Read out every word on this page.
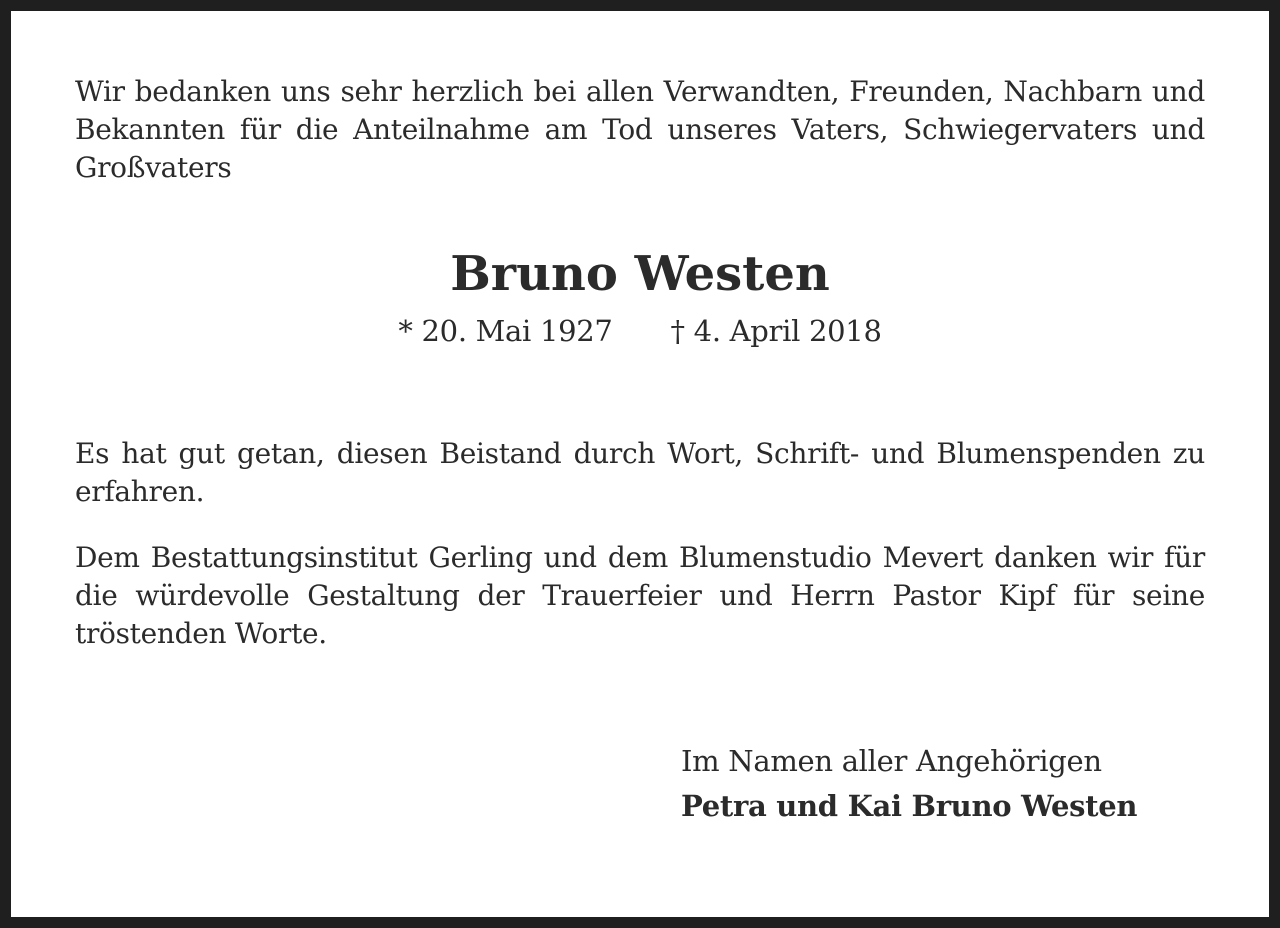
Wir bedanken uns sehr herzlich bei allen Verwandten, Freunden, Nachbarn und Bekannten für die Anteilnahme am Tod unseres Vaters, Schwiegervaters und Großvaters

Bruno Westen
* 20. Mai 1927 † 4. April 2018

Es hat gut getan, diesen Beistand durch Wort, Schrift- und Blumenspenden zu erfahren.

Dem Bestattungsinstitut Gerling und dem Blumenstudio Mevert danken wir für die würdevolle Gestaltung der Trauerfeier und Herrn Pastor Kipf für seine tröstenden Worte.

Im Namen aller Angehörigen
Petra und Kai Bruno Westen
